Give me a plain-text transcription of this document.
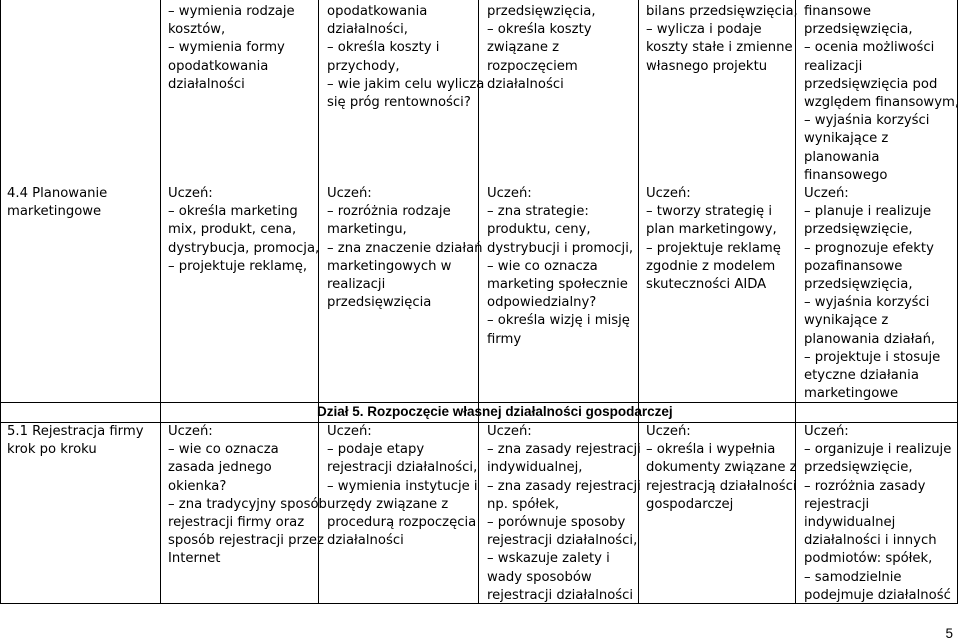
– wymienia rodzaje
kosztów,
– wymienia formy
opodatkowania
działalności
opodatkowania
działalności,
– określa koszty i
przychody,
– wie jakim celu wylicza
się próg rentowności?
przedsięwzięcia,
– określa koszty
związane z
rozpoczęciem
działalności
bilans przedsięwzięcia,
– wylicza i podaje
koszty stałe i zmienne
własnego projektu
finansowe
przedsięwzięcia,
– ocenia możliwości
realizacji
przedsięwzięcia pod
względem finansowym,
– wyjaśnia korzyści
wynikające z
planowania
finansowego
4.4 Planowanie
marketingowe
Uczeń:
– określa marketing
mix, produkt, cena,
dystrybucja, promocja,
– projektuje reklamę,
Uczeń:
– rozróżnia rodzaje
marketingu,
– zna znaczenie działań
marketingowych w
realizacji
przedsięwzięcia
Uczeń:
– zna strategie:
produktu, ceny,
dystrybucji i promocji,
– wie co oznacza
marketing społecznie
odpowiedzialny?
– określa wizję i misję
firmy
Uczeń:
– tworzy strategię i
plan marketingowy,
– projektuje reklamę
zgodnie z modelem
skuteczności AIDA
Uczeń:
– planuje i realizuje
przedsięwzięcie,
– prognozuje efekty
pozafinansowe
przedsięwzięcia,
– wyjaśnia korzyści
wynikające z
planowania działań,
– projektuje i stosuje
etyczne działania
marketingowe
Dział 5. Rozpoczęcie własnej działalności gospodarczej
5.1 Rejestracja firmy
krok po kroku
Uczeń:
– wie co oznacza
zasada jednego
okienka?
– zna tradycyjny sposób
rejestracji firmy oraz
sposób rejestracji przez
Internet
Uczeń:
– podaje etapy
rejestracji działalności,
– wymienia instytucje i
urzędy związane z
procedurą rozpoczęcia
działalności
Uczeń:
– zna zasady rejestracji
indywidualnej,
– zna zasady rejestracji
np. spółek,
– porównuje sposoby
rejestracji działalności,
– wskazuje zalety i
wady sposobów
rejestracji działalności
Uczeń:
– określa i wypełnia
dokumenty związane z
rejestracją działalności
gospodarczej
Uczeń:
– organizuje i realizuje
przedsięwzięcie,
– rozróżnia zasady
rejestracji
indywidualnej
działalności i innych
podmiotów: spółek,
– samodzielnie
podejmuje działalność
5
